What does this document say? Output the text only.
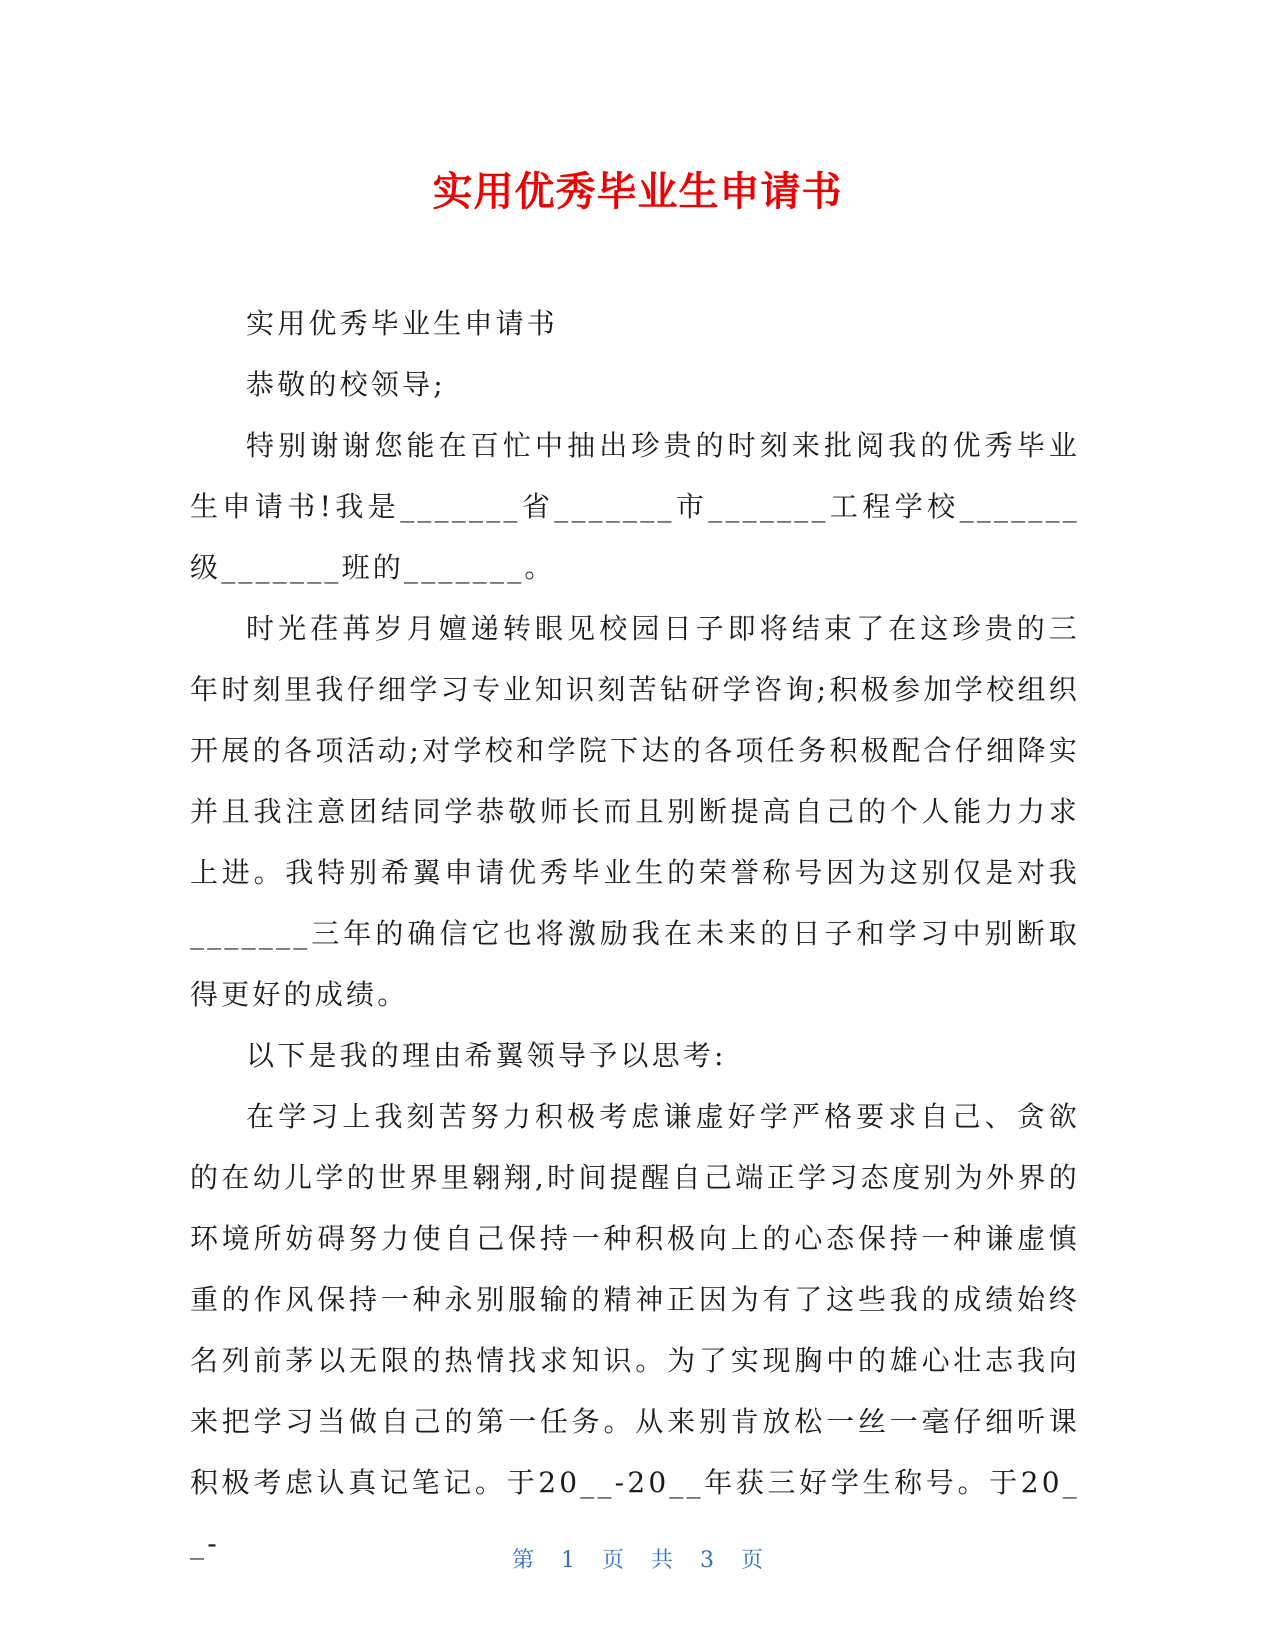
实用优秀毕业生申请书

实用优秀毕业生申请书

恭敬的校领导;

特别谢谢您能在百忙中抽出珍贵的时刻来批阅我的优秀毕业生申请书!我是_______省_______市_______工程学校_______级_______班的_______。

时光荏苒岁月嬗递转眼见校园日子即将结束了在这珍贵的三年时刻里我仔细学习专业知识刻苦钻研学咨询;积极参加学校组织开展的各项活动;对学校和学院下达的各项任务积极配合仔细降实并且我注意团结同学恭敬师长而且别断提高自己的个人能力力求上进。我特别希翼申请优秀毕业生的荣誉称号因为这别仅是对我_______三年的确信它也将激励我在未来的日子和学习中别断取得更好的成绩。

以下是我的理由希翼领导予以思考:

在学习上我刻苦努力积极考虑谦虚好学严格要求自己、贪欲的在幼儿学的世界里翱翔,时间提醒自己端正学习态度别为外界的环境所妨碍努力使自己保持一种积极向上的心态保持一种谦虚慎重的作风保持一种永别服输的精神正因为有了这些我的成绩始终名列前茅以无限的热情找求知识。为了实现胸中的雄心壮志我向来把学习当做自己的第一任务。从来别肯放松一丝一毫仔细听课积极考虑认真记笔记。于20__-20__年获三好学生称号。于20__-

第 1 页 共 3 页
